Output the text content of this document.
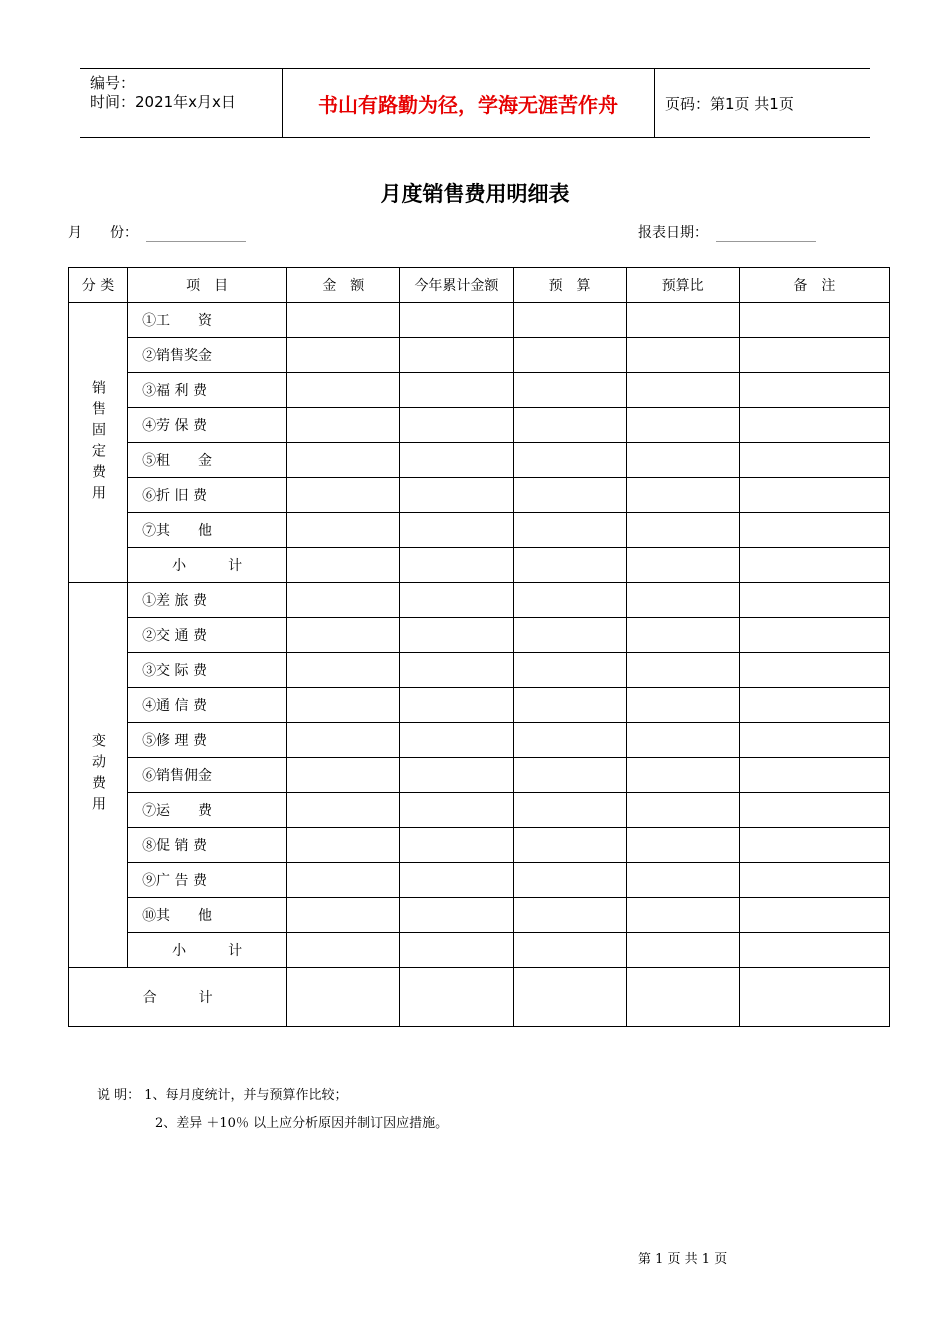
编号：
时间：2021年x月x日	书山有路勤为径，学海无涯苦作舟	页码：第1页 共1页
月度销售费用明细表
月　　份：	报表日期：
分 类	项　目	金　额	今年累计金额	预　算	预算比	备　注

销售固定费用	①工　　资					
	②销售奖金					
	③福 利 费					
	④劳 保 费					
	⑤租　　金					
	⑥折 旧 费					
	⑦其　　他					
	小　　　计					

变动费用	①差 旅 费					
	②交 通 费					
	③交 际 费					
	④通 信 费					
	⑤修 理 费					
	⑥销售佣金					
	⑦运　　费					
	⑧促 销 费					
	⑨广 告 费					
	⑩其　　他					
	小　　　计					
合　　　计						
说 明： 1、每月度统计，并与预算作比较；
2、差异 ＋10％ 以上应分析原因并制订因应措施。
第 1 页 共 1 页
